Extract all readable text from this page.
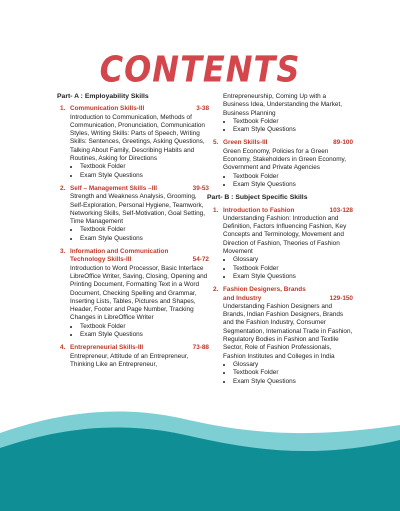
CONTENTS
Part- A : Employability Skills
1. Communication Skills-III	3-38
Introduction to Communication, Methods of Communication, Pronunciation, Communication Styles, Writing Skills: Parts of Speech, Writing Skills: Sentences, Greetings, Asking Questions, Talking About Family, Describing Habits and Routines, Asking for Directions
• Textbook Folder
• Exam Style Questions
2. Self – Management Skills –III	39-53
Strength and Weakness Analysis, Grooming, Self-Exploration, Personal Hygiene, Teamwork, Networking Skills, Self-Motivation, Goal Setting, Time Management
• Textbook Folder
• Exam Style Questions
3. Information and Communication Technology Skills-III	54-72
Introduction to Word Processor, Basic Interface LibreOffice Writer, Saving, Closing, Opening and Printing Document, Formatting Text in a Word Document, Checking Spelling and Grammar, Inserting Lists, Tables, Pictures and Shapes, Header, Footer and Page Number, Tracking Changes in LibreOffice Writer
• Textbook Folder
• Exam Style Questions
4. Entrepreneurial Skills-III	73-88
Entrepreneur, Attitude of an Entrepreneur, Thinking Like an Entrepreneur,
Entrepreneurship, Coming Up with a Business Idea, Understanding the Market, Business Planning
• Textbook Folder
• Exam Style Questions
5. Green Skills-III	89-100
Green Economy, Policies for a Green Economy, Stakeholders in Green Economy, Government and Private Agencies
• Textbook Folder
• Exam Style Questions
Part- B : Subject Specific Skills
1. Introduction to Fashion	103-128
Understanding Fashion: Introduction and Definition, Factors Influencing Fashion, Key Concepts and Terminology, Movement and Direction of Fashion, Theories of Fashion Movement
• Glossary
• Textbook Folder
• Exam Style Questions
2. Fashion Designers, Brands and Industry	129-150
Understanding Fashion Designers and Brands, Indian Fashion Designers, Brands and the Fashion Industry, Consumer Segmentation, International Trade in Fashion, Regulatory Bodies in Fashion and Textile Sector, Role of Fashion Professionals, Fashion Institutes and Colleges in India
• Glossary
• Textbook Folder
• Exam Style Questions
